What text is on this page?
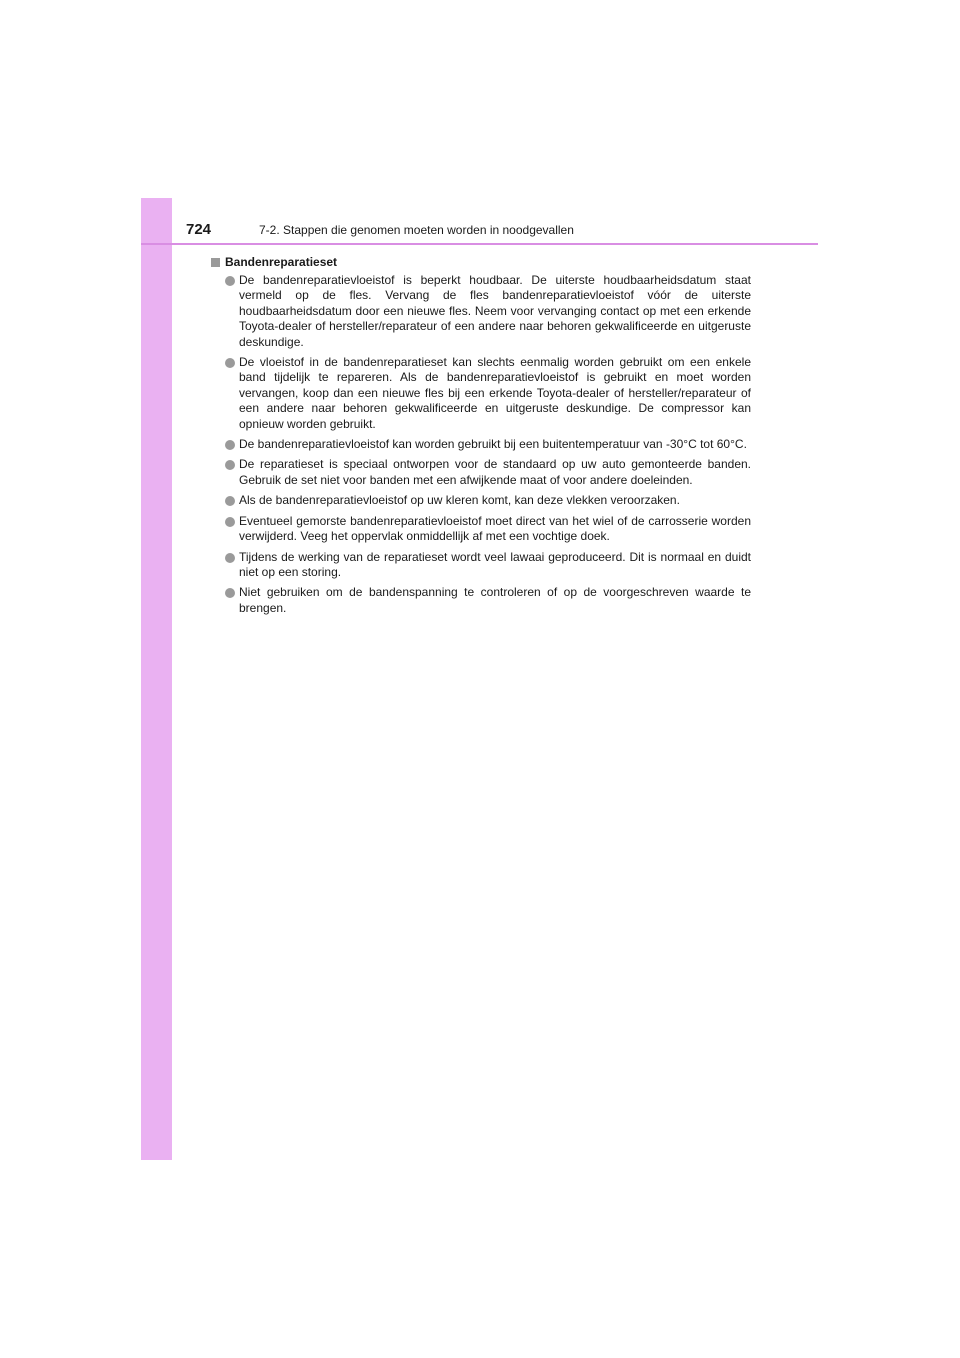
724	7-2. Stappen die genomen moeten worden in noodgevallen
Bandenreparatieset
De bandenreparatievloeistof is beperkt houdbaar. De uiterste houdbaarheidsdatum staat vermeld op de fles. Vervang de fles bandenreparatievloeistof vóór de uiterste houdbaarheidsdatum door een nieuwe fles. Neem voor vervanging contact op met een erkende Toyota-dealer of hersteller/reparateur of een andere naar behoren gekwalificeerde en uitgeruste deskundige.
De vloeistof in de bandenreparatieset kan slechts eenmalig worden gebruikt om een enkele band tijdelijk te repareren. Als de bandenreparatievloeistof is gebruikt en moet worden vervangen, koop dan een nieuwe fles bij een erkende Toyota-dealer of hersteller/reparateur of een andere naar behoren gekwalificeerde en uitgeruste deskundige. De compressor kan opnieuw worden gebruikt.
De bandenreparatievloeistof kan worden gebruikt bij een buitentemperatuur van -30°C tot 60°C.
De reparatieset is speciaal ontworpen voor de standaard op uw auto gemonteerde banden. Gebruik de set niet voor banden met een afwijkende maat of voor andere doeleinden.
Als de bandenreparatievloeistof op uw kleren komt, kan deze vlekken veroorzaken.
Eventueel gemorste bandenreparatievloeistof moet direct van het wiel of de carrosserie worden verwijderd. Veeg het oppervlak onmiddellijk af met een vochtige doek.
Tijdens de werking van de reparatieset wordt veel lawaai geproduceerd. Dit is normaal en duidt niet op een storing.
Niet gebruiken om de bandenspanning te controleren of op de voorgeschreven waarde te brengen.
